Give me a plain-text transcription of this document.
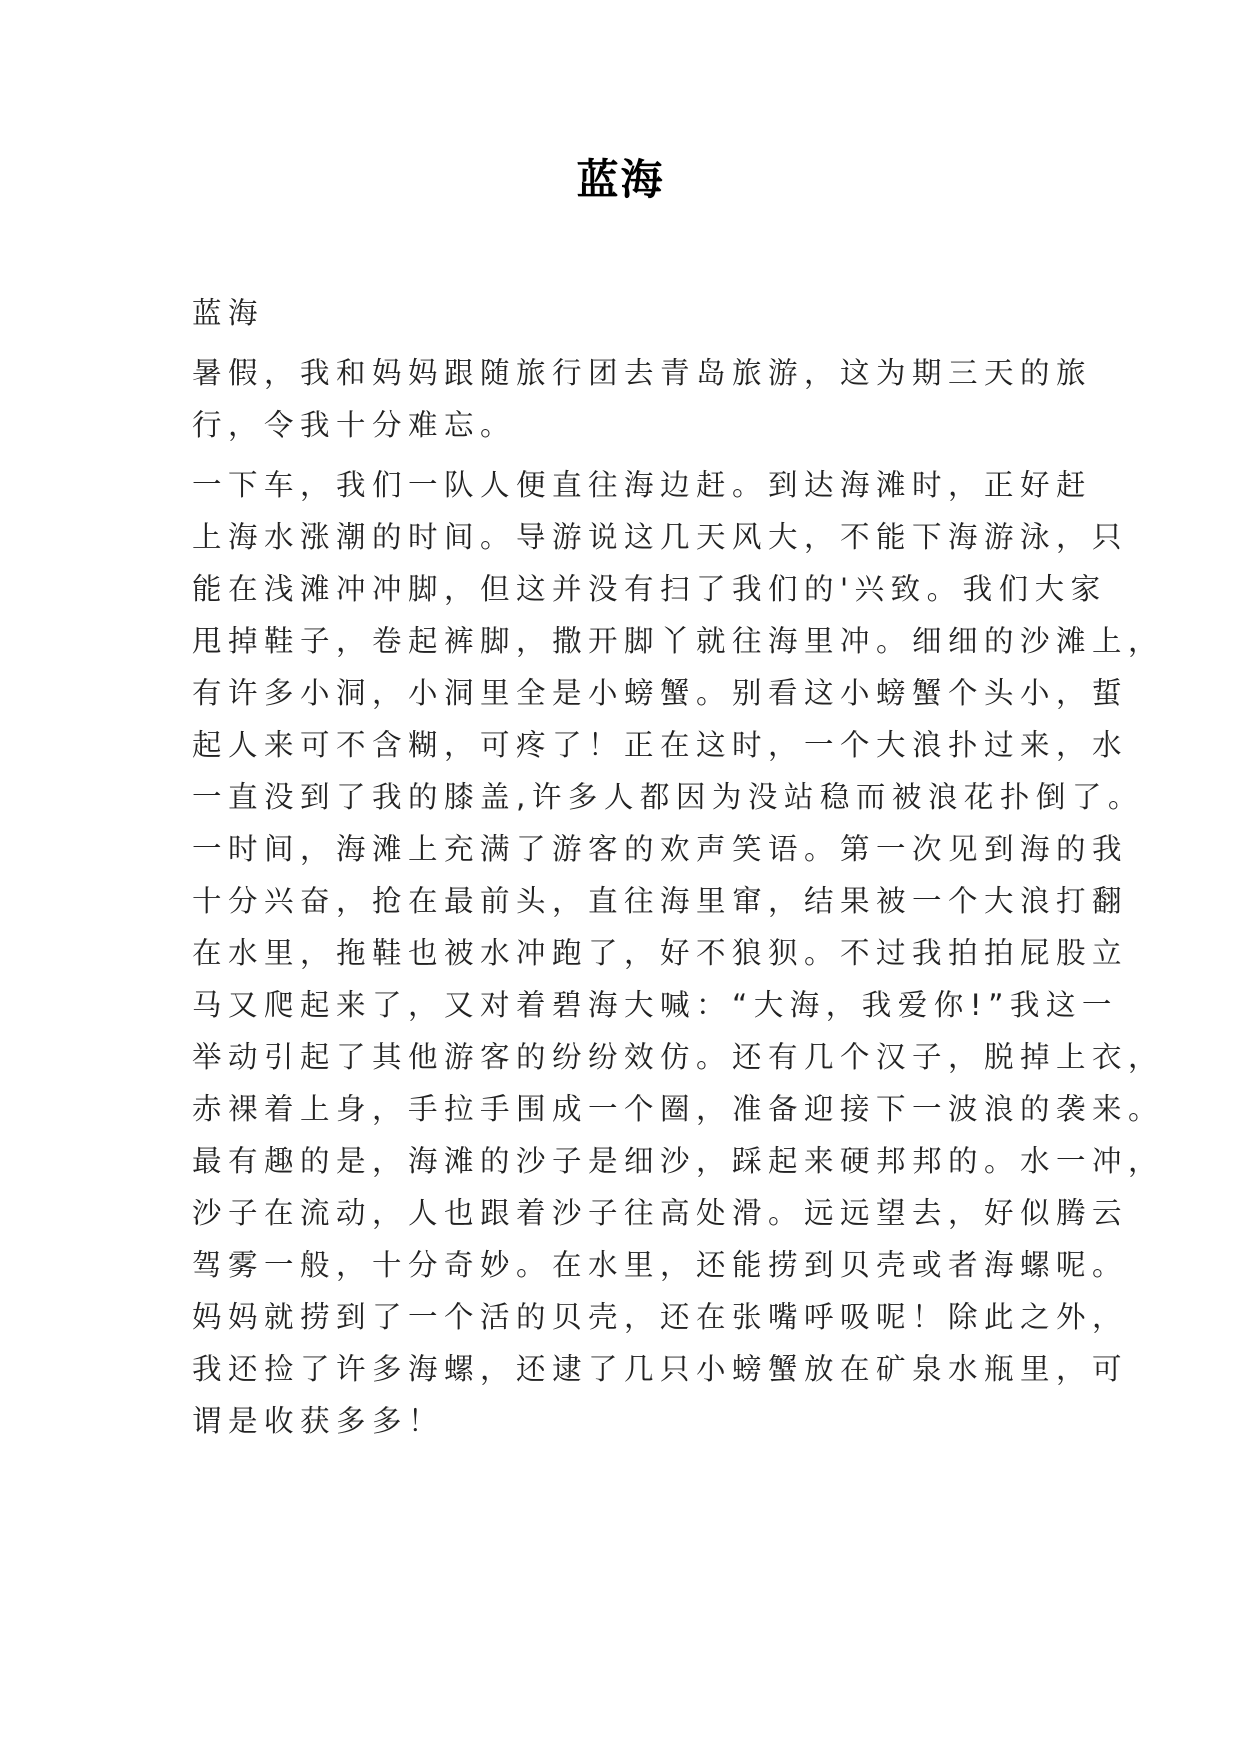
蓝海
蓝海
暑假，我和妈妈跟随旅行团去青岛旅游，这为期三天的旅
行，令我十分难忘。
一下车，我们一队人便直往海边赶。到达海滩时，正好赶
上海水涨潮的时间。导游说这几天风大，不能下海游泳，只
能在浅滩冲冲脚，但这并没有扫了我们的'兴致。我们大家
甩掉鞋子，卷起裤脚，撒开脚丫就往海里冲。细细的沙滩上，
有许多小洞，小洞里全是小螃蟹。别看这小螃蟹个头小，蜇
起人来可不含糊，可疼了！正在这时，一个大浪扑过来，水
一直没到了我的膝盖,许多人都因为没站稳而被浪花扑倒了。
一时间，海滩上充满了游客的欢声笑语。第一次见到海的我
十分兴奋，抢在最前头，直往海里窜，结果被一个大浪打翻
在水里，拖鞋也被水冲跑了，好不狼狈。不过我拍拍屁股立
马又爬起来了，又对着碧海大喊：“大海，我爱你!”我这一
举动引起了其他游客的纷纷效仿。还有几个汉子，脱掉上衣，
赤裸着上身，手拉手围成一个圈，准备迎接下一波浪的袭来。
最有趣的是，海滩的沙子是细沙，踩起来硬邦邦的。水一冲，
沙子在流动，人也跟着沙子往高处滑。远远望去，好似腾云
驾雾一般，十分奇妙。在水里，还能捞到贝壳或者海螺呢。
妈妈就捞到了一个活的贝壳，还在张嘴呼吸呢！除此之外，
我还捡了许多海螺，还逮了几只小螃蟹放在矿泉水瓶里，可
谓是收获多多！
